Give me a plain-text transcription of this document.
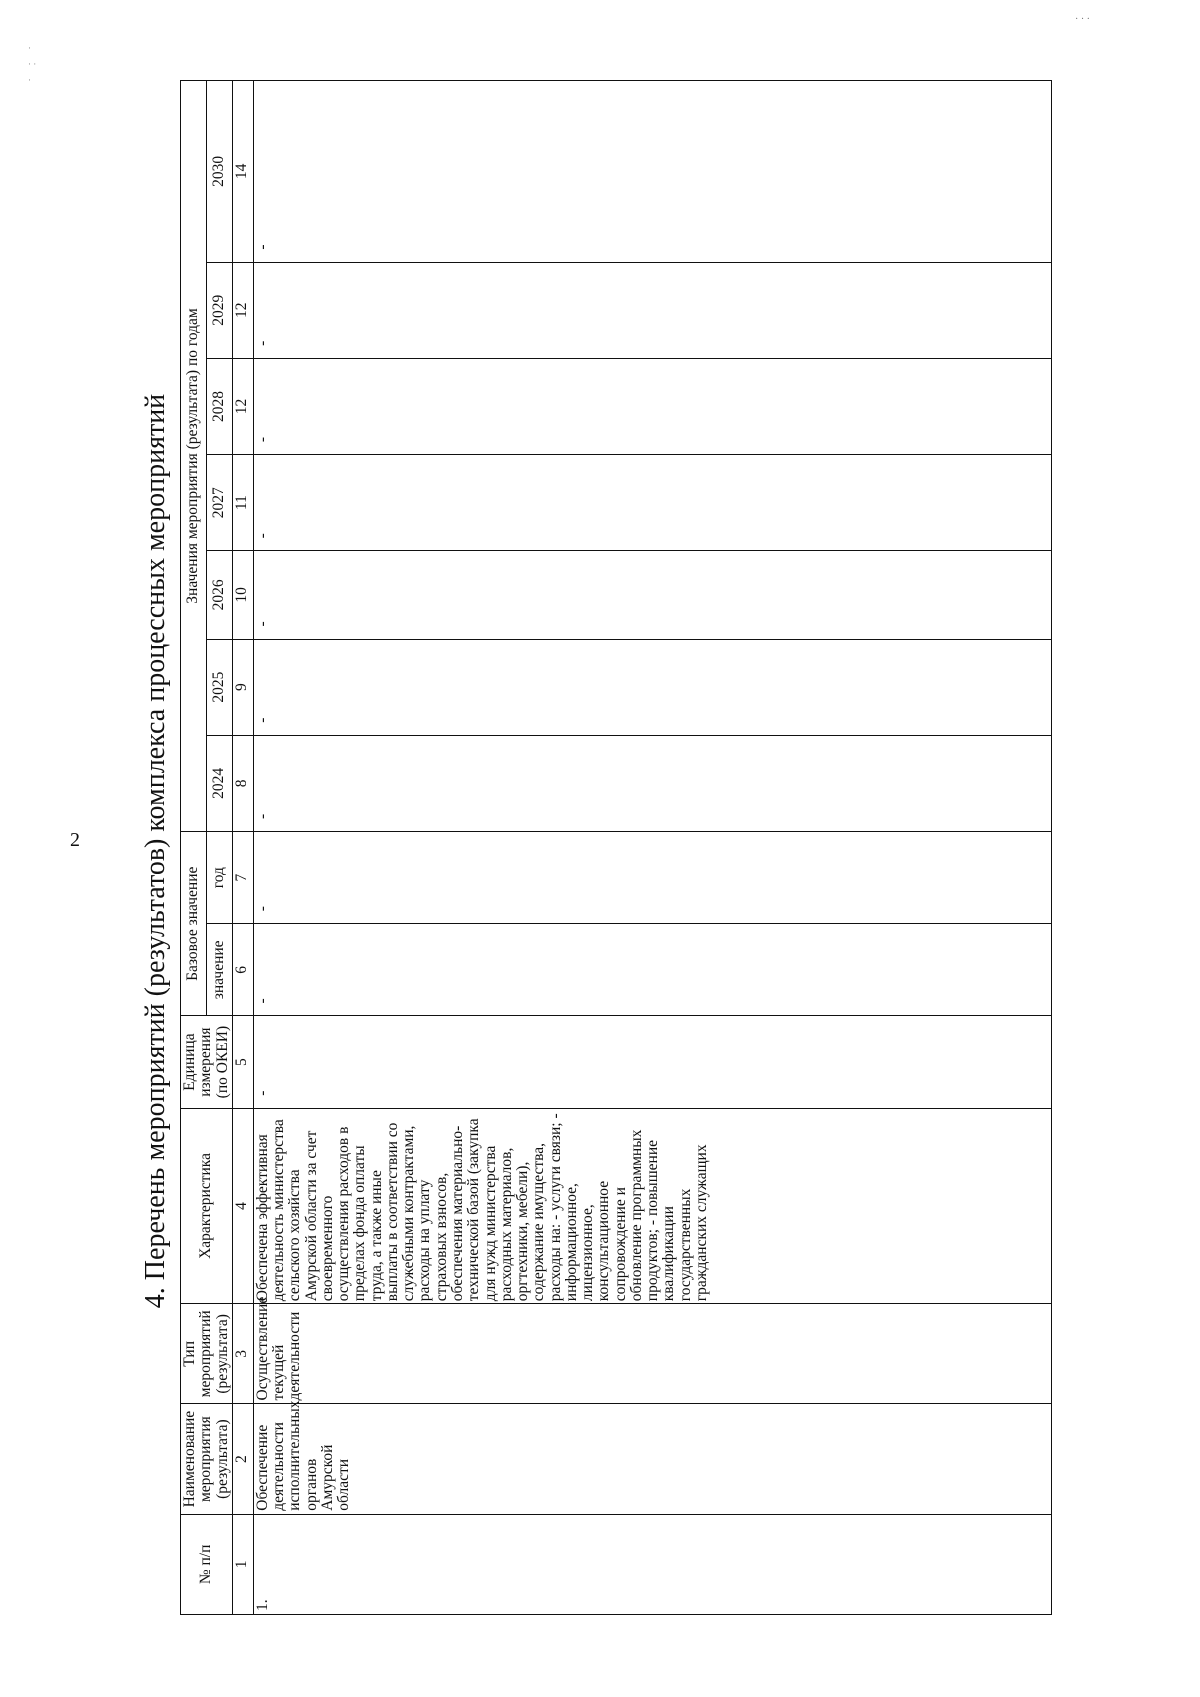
2 4. Перечень мероприятий (результатов) комплекса процессных мероприятий
· · ·
·
· ·
·
№ п/п	Наименование мероприятия (результата)	Тип мероприятий (результата)	Характеристика	Единица измерения (по ОКЕИ)	Базовое значение		Значения мероприятия (результата) по годам						
					значение	год	2024	2025	2026	2027	2028	2029	2030
1	2	3	4	5	6	7	8	9	10	11	12	12	14
1.	Обеспечение деятельности исполнительных органов Амурской области	Осуществление текущей деятельности	Обеспечена эффективная деятельность министерства сельского хозяйства Амурской области за счет своевременного осуществления расходов в пределах фонда оплаты труда, а также иные выплаты в соответствии со служебными контрактами, расходы на уплату страховых взносов, обеспечения материально-технической базой (закупка для нужд министерства расходных материалов, оргтехники, мебели), содержание имущества, расходы на: - услуги связи; - информационное, лицензионное, консультационное сопровождение и обновление программных продуктов; - повышение квалификации государственных гражданских служащих	-	-	-	-	-	-	-	-	-	-
